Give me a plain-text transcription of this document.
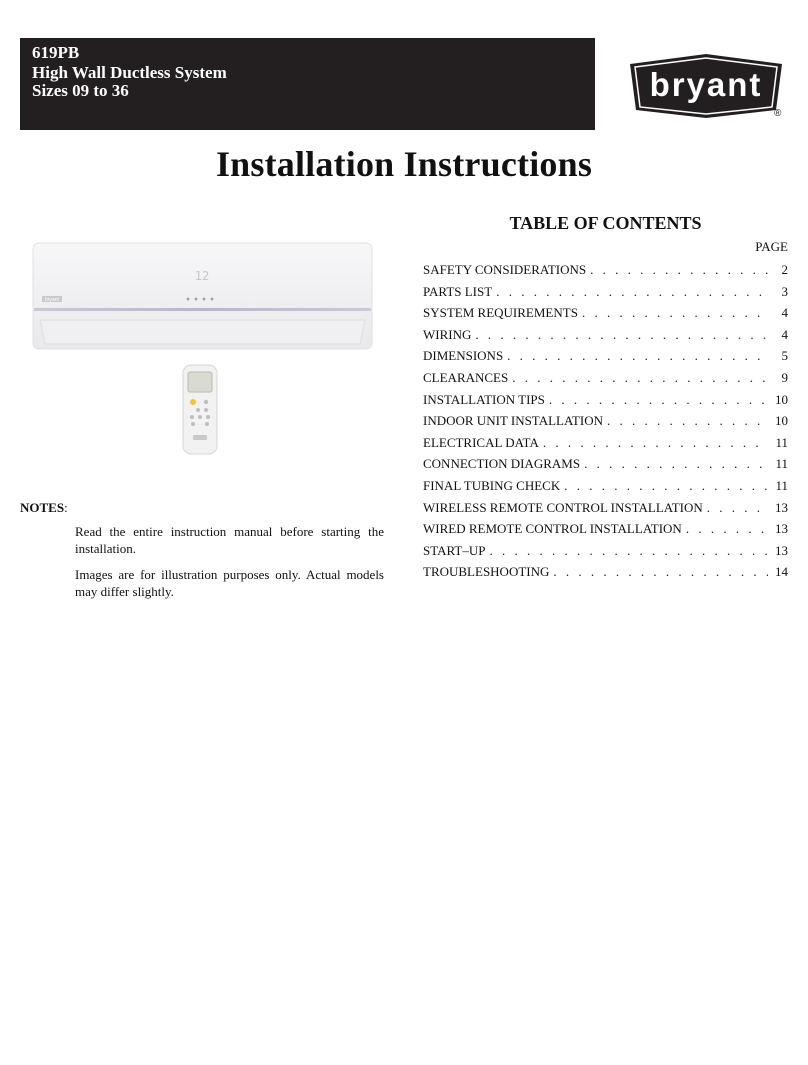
619PB
High Wall Ductless System
Sizes 09 to 36	bryant
®
Installation Instructions
bryant
12
NOTES:

Read the entire instruction manual before starting the installation.

Images are for illustration purposes only. Actual models may differ slightly.

TABLE OF CONTENTS
PAGE
SAFETY CONSIDERATIONS . . .	2
PARTS LIST . . .	3
SYSTEM REQUIREMENTS . . .	4
WIRING . . .	4
DIMENSIONS . . .	5
CLEARANCES . . .	9
INSTALLATION TIPS . . .	10
INDOOR UNIT INSTALLATION . . .	10
ELECTRICAL DATA . . .	11
CONNECTION DIAGRAMS . . .	11
FINAL TUBING CHECK . . .	11
WIRELESS REMOTE CONTROL INSTALLATION . . .	13
WIRED REMOTE CONTROL INSTALLATION . . .	13
START–UP . . .	13
TROUBLESHOOTING . . .	14
